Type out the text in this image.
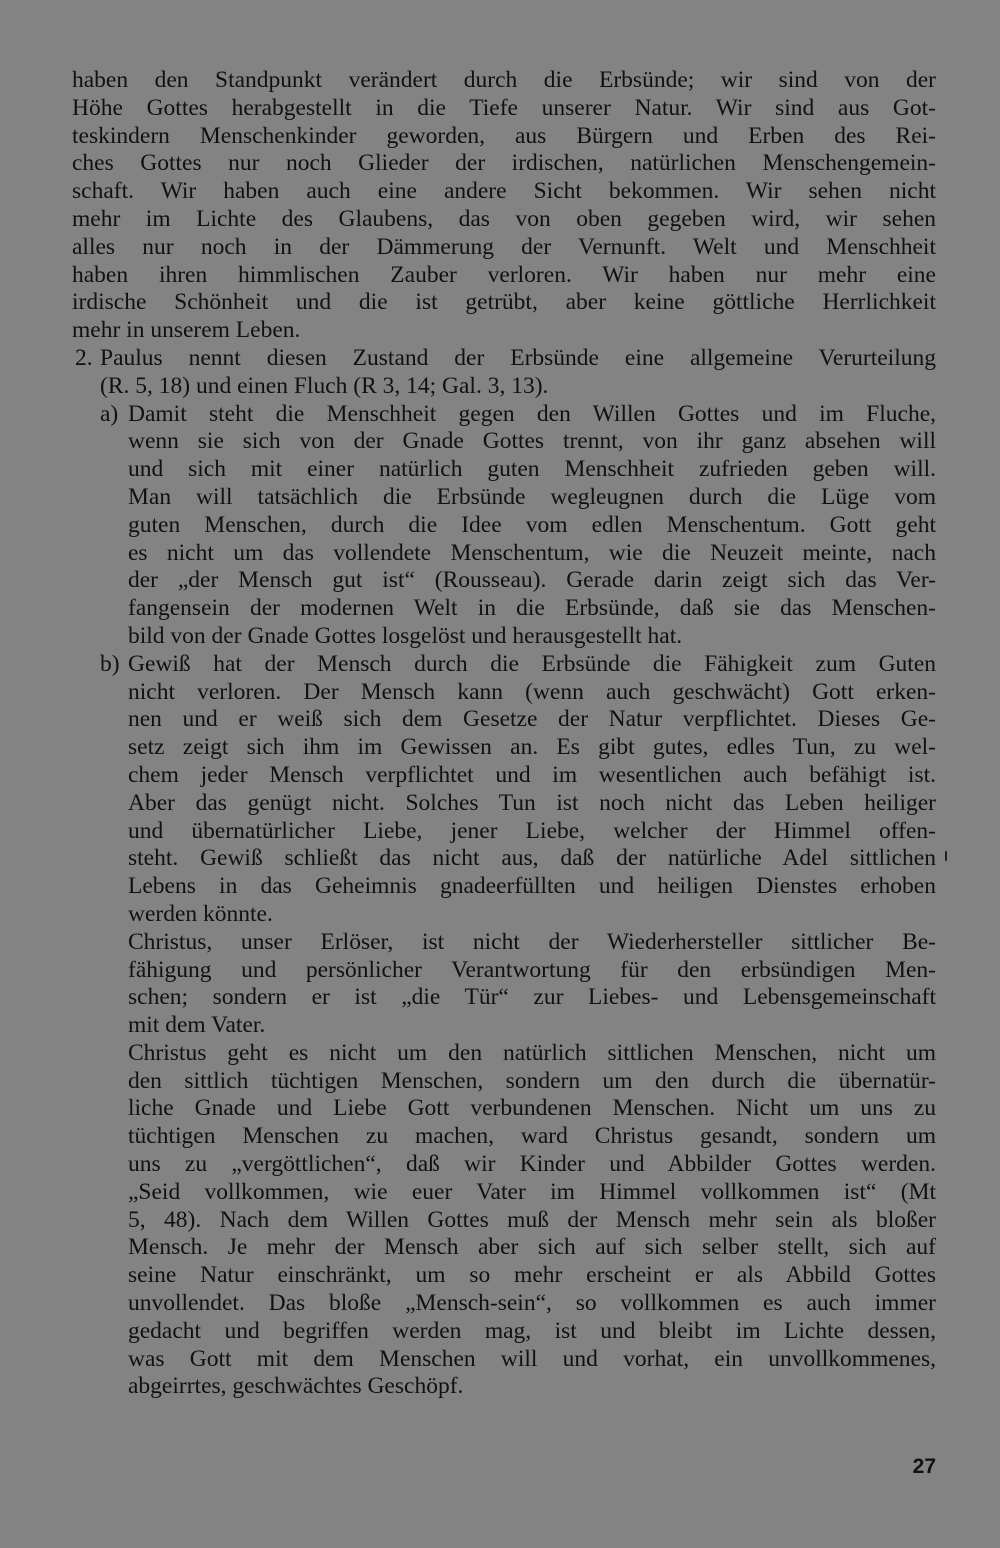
haben den Standpunkt verändert durch die Erbsünde; wir sind von der
Höhe Gottes herabgestellt in die Tiefe unserer Natur. Wir sind aus Got-
teskindern Menschenkinder geworden, aus Bürgern und Erben des Rei-
ches Gottes nur noch Glieder der irdischen, natürlichen Menschengemein-
schaft. Wir haben auch eine andere Sicht bekommen. Wir sehen nicht
mehr im Lichte des Glaubens, das von oben gegeben wird, wir sehen
alles nur noch in der Dämmerung der Vernunft. Welt und Menschheit
haben ihren himmlischen Zauber verloren. Wir haben nur mehr eine
irdische Schönheit und die ist getrübt, aber keine göttliche Herrlichkeit
mehr in unserem Leben.
2. Paulus nennt diesen Zustand der Erbsünde eine allgemeine Verurteilung
(R. 5, 18) und einen Fluch (R 3, 14; Gal. 3, 13).
a) Damit steht die Menschheit gegen den Willen Gottes und im Fluche,
wenn sie sich von der Gnade Gottes trennt, von ihr ganz absehen will
und sich mit einer natürlich guten Menschheit zufrieden geben will.
Man will tatsächlich die Erbsünde wegleugnen durch die Lüge vom
guten Menschen, durch die Idee vom edlen Menschentum. Gott geht
es nicht um das vollendete Menschentum, wie die Neuzeit meinte, nach
der „der Mensch gut ist“ (Rousseau). Gerade darin zeigt sich das Ver-
fangensein der modernen Welt in die Erbsünde, daß sie das Menschen-
bild von der Gnade Gottes losgelöst und herausgestellt hat.
b) Gewiß hat der Mensch durch die Erbsünde die Fähigkeit zum Guten
nicht verloren. Der Mensch kann (wenn auch geschwächt) Gott erken-
nen und er weiß sich dem Gesetze der Natur verpflichtet. Dieses Ge-
setz zeigt sich ihm im Gewissen an. Es gibt gutes, edles Tun, zu wel-
chem jeder Mensch verpflichtet und im wesentlichen auch befähigt ist.
Aber das genügt nicht. Solches Tun ist noch nicht das Leben heiliger
und übernatürlicher Liebe, jener Liebe, welcher der Himmel offen-
steht. Gewiß schließt das nicht aus, daß der natürliche Adel sittlichen
Lebens in das Geheimnis gnadeerfüllten und heiligen Dienstes erhoben
werden könnte.
Christus, unser Erlöser, ist nicht der Wiederhersteller sittlicher Be-
fähigung und persönlicher Verantwortung für den erbsündigen Men-
schen; sondern er ist „die Tür“ zur Liebes- und Lebensgemeinschaft
mit dem Vater.
Christus geht es nicht um den natürlich sittlichen Menschen, nicht um
den sittlich tüchtigen Menschen, sondern um den durch die übernatür-
liche Gnade und Liebe Gott verbundenen Menschen. Nicht um uns zu
tüchtigen Menschen zu machen, ward Christus gesandt, sondern um
uns zu „vergöttlichen“, daß wir Kinder und Abbilder Gottes werden.
„Seid vollkommen, wie euer Vater im Himmel vollkommen ist“ (Mt
5, 48). Nach dem Willen Gottes muß der Mensch mehr sein als bloßer
Mensch. Je mehr der Mensch aber sich auf sich selber stellt, sich auf
seine Natur einschränkt, um so mehr erscheint er als Abbild Gottes
unvollendet. Das bloße „Mensch-sein“, so vollkommen es auch immer
gedacht und begriffen werden mag, ist und bleibt im Lichte dessen,
was Gott mit dem Menschen will und vorhat, ein unvollkommenes,
abgeirrtes, geschwächtes Geschöpf.
27
